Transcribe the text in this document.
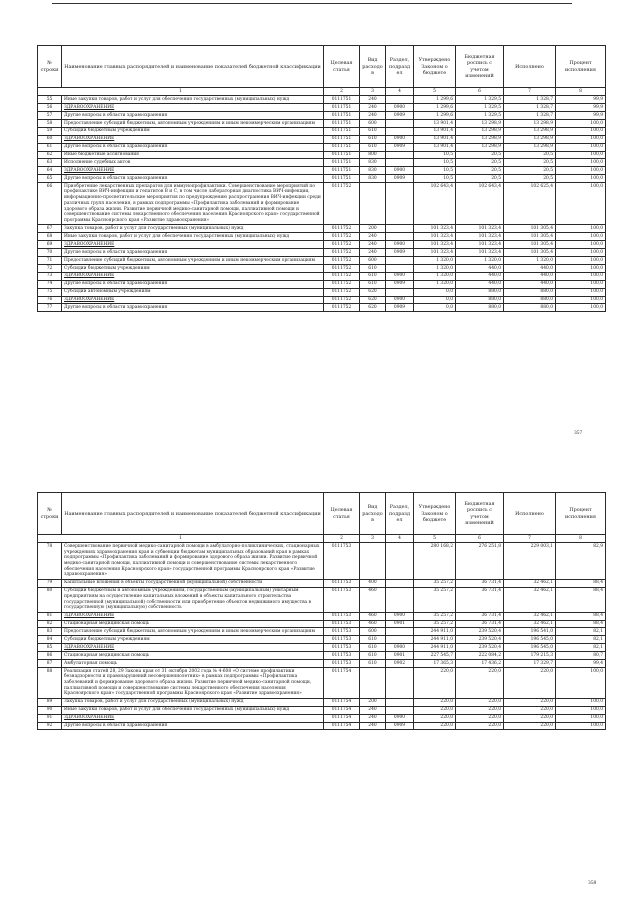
№ строки	Наименование главных распорядителей и наименование показателей бюджетной классификации	Целевая статья	Вид расходов	Раздел, подраздел	Утверждено Законом о бюджете	Бюджетная роспись с учетом изменений	Исполнено	Процент исполнения
1		2	3	4	5	6	7	8
55	Иные закупки товаров, работ и услуг для обеспечения государственных (муниципальных) нужд	0111751	240		1 299,6	1 329,5	1 328,7	99,9
56	ЗДРАВООХРАНЕНИЕ	0111751	240	0900	1 299,6	1 329,5	1 328,7	99,9
57	Другие вопросы в области здравоохранения	0111751	240	0909	1 299,6	1 329,5	1 328,7	99,9
58	Предоставление субсидий бюджетным, автономным учреждениям и иным некоммерческим организациям	0111751	600		13 901,4	13 298,9	13 298,9	100,0
59	Субсидии бюджетным учреждениям	0111751	610		13 901,4	13 298,9	13 298,9	100,0
60	ЗДРАВООХРАНЕНИЕ	0111751	610	0900	13 901,4	13 298,9	13 298,9	100,0
61	Другие вопросы в области здравоохранения	0111751	610	0909	13 901,4	13 298,9	13 298,9	100,0
62	Иные бюджетные ассигнования	0111751	800		10,5	20,5	20,5	100,0
63	Исполнение судебных актов	0111751	830		10,5	20,5	20,5	100,0
64	ЗДРАВООХРАНЕНИЕ	0111751	830	0900	10,5	20,5	20,5	100,0
65	Другие вопросы в области здравоохранения	0111751	830	0909	10,5	20,5	20,5	100,0
66	Приобретение лекарственных препаратов для иммунопрофилактики. Совершенствование мероприятий по профилактике ВИЧ-инфекции и гепатитов В и С, в том числе лабораторная диагностика ВИЧ-инфекции, информационно-просветительские мероприятия по предупреждению распространения ВИЧ-инфекции среди различных групп населения, в рамках подпрограммы «Профилактика заболеваний и формирование здорового образа жизни. Развитие первичной медико-санитарной помощи, паллиативной помощи и совершенствование системы лекарственного обеспечения населения Красноярского края» государственной программы Красноярского края «Развитие здравоохранения»	0111752			102 643,4	102 643,4	102 625,4	100,0
67	Закупка товаров, работ и услуг для государственных (муниципальных) нужд	0111752	200		101 323,4	101 323,4	101 305,4	100,0
68	Иные закупки товаров, работ и услуг для обеспечения государственных (муниципальных) нужд	0111752	240		101 323,4	101 323,4	101 305,4	100,0
69	ЗДРАВООХРАНЕНИЕ	0111752	240	0900	101 323,4	101 323,4	101 305,4	100,0
70	Другие вопросы в области здравоохранения	0111752	240	0909	101 323,4	101 323,4	101 305,4	100,0
71	Предоставление субсидий бюджетным, автономным учреждениям и иным некоммерческим организациям	0111752	600		1 320,0	1 320,0	1 320,0	100,0
72	Субсидии бюджетным учреждениям	0111752	610		1 320,0	440,0	440,0	100,0
73	ЗДРАВООХРАНЕНИЕ	0111752	610	0900	1 320,0	440,0	440,0	100,0
74	Другие вопросы в области здравоохранения	0111752	610	0909	1 320,0	440,0	440,0	100,0
75	Субсидии автономным учреждениям	0111752	620		0,0	880,0	880,0	100,0
76	ЗДРАВООХРАНЕНИЕ	0111752	620	0900	0,0	880,0	880,0	100,0
77	Другие вопросы в области здравоохранения	0111752	620	0909	0,0	880,0	880,0	100,0
357
№ строки	Наименование главных распорядителей и наименование показателей бюджетной классификации	Целевая статья	Вид расходов	Раздел, подраздел	Утверждено Законом о бюджете	Бюджетная роспись с учетом изменений	Исполнено	Процент исполнения
1		2	3	4	5	6	7	8
78	Совершенствование первичной медико-санитарной помощи в амбулаторно-поликлинических, стационарных учреждениях здравоохранения края и субвенции бюджетам муниципальных образований края в рамках подпрограммы «Профилактика заболеваний и формирование здорового образа жизни. Развитие первичной медико-санитарной помощи, паллиативной помощи и совершенствование системы лекарственного обеспечения населения Красноярского края» государственной программы Красноярского края «Развитие здравоохранения»	0111753			280 168,2	276 251,8	229 003,1	82,9
79	Капитальные вложения в объекты государственной (муниципальной) собственности	0111753	400		35 257,2	36 731,4	32 462,1	88,4
80	Субсидии бюджетным и автономным учреждениям, государственным (муниципальным) унитарным предприятиям на осуществление капитальных вложений в объекты капитального строительства государственной (муниципальной) собственности или приобретение объектов недвижимого имущества в государственную (муниципальную) собственность	0111753	460		35 257,2	36 731,4	32 462,1	88,4
81	ЗДРАВООХРАНЕНИЕ	0111753	460	0900	35 257,2	36 731,4	32 462,1	88,4
82	Стационарная медицинская помощь	0111753	460	0901	35 257,2	36 731,4	32 462,1	88,4
83	Предоставление субсидий бюджетным, автономным учреждениям и иным некоммерческим организациям	0111753	600		244 911,0	239 520,4	196 541,0	82,1
84	Субсидии бюджетным учреждениям	0111753	610		244 911,0	239 520,4	196 545,0	82,1
85	ЗДРАВООХРАНЕНИЕ	0111753	610	0900	244 911,0	239 520,4	196 545,0	82,1
86	Стационарная медицинская помощь	0111753	610	0901	227 545,7	222 084,2	179 215,3	80,7
87	Амбулаторная помощь	0111753	610	0902	17 365,3	17 436,2	17 329,7	99,4
88	Реализация статей 28, 29 Закона края от 31 октября 2002 года № 4-608 «О системе профилактики безнадзорности и правонарушений несовершеннолетних» в рамках подпрограммы «Профилактика заболеваний и формирование здорового образа жизни. Развитие первичной медико-санитарной помощи, паллиативной помощи и совершенствование системы лекарственного обеспечения населения Красноярского края» государственной программы Красноярского края «Развитие здравоохранения»	0111754			220,0	220,0	220,0	100,0
89	Закупка товаров, работ и услуг для государственных (муниципальных) нужд	0111754	200		220,0	220,0	220,0	100,0
90	Иные закупки товаров, работ и услуг для обеспечения государственных (муниципальных) нужд	0111754	240		220,0	220,0	220,0	100,0
91	ЗДРАВООХРАНЕНИЕ	0111754	240	0900	220,0	220,0	220,0	100,0
92	Другие вопросы в области здравоохранения	0111754	240	0909	220,0	220,0	220,0	100,0
358
